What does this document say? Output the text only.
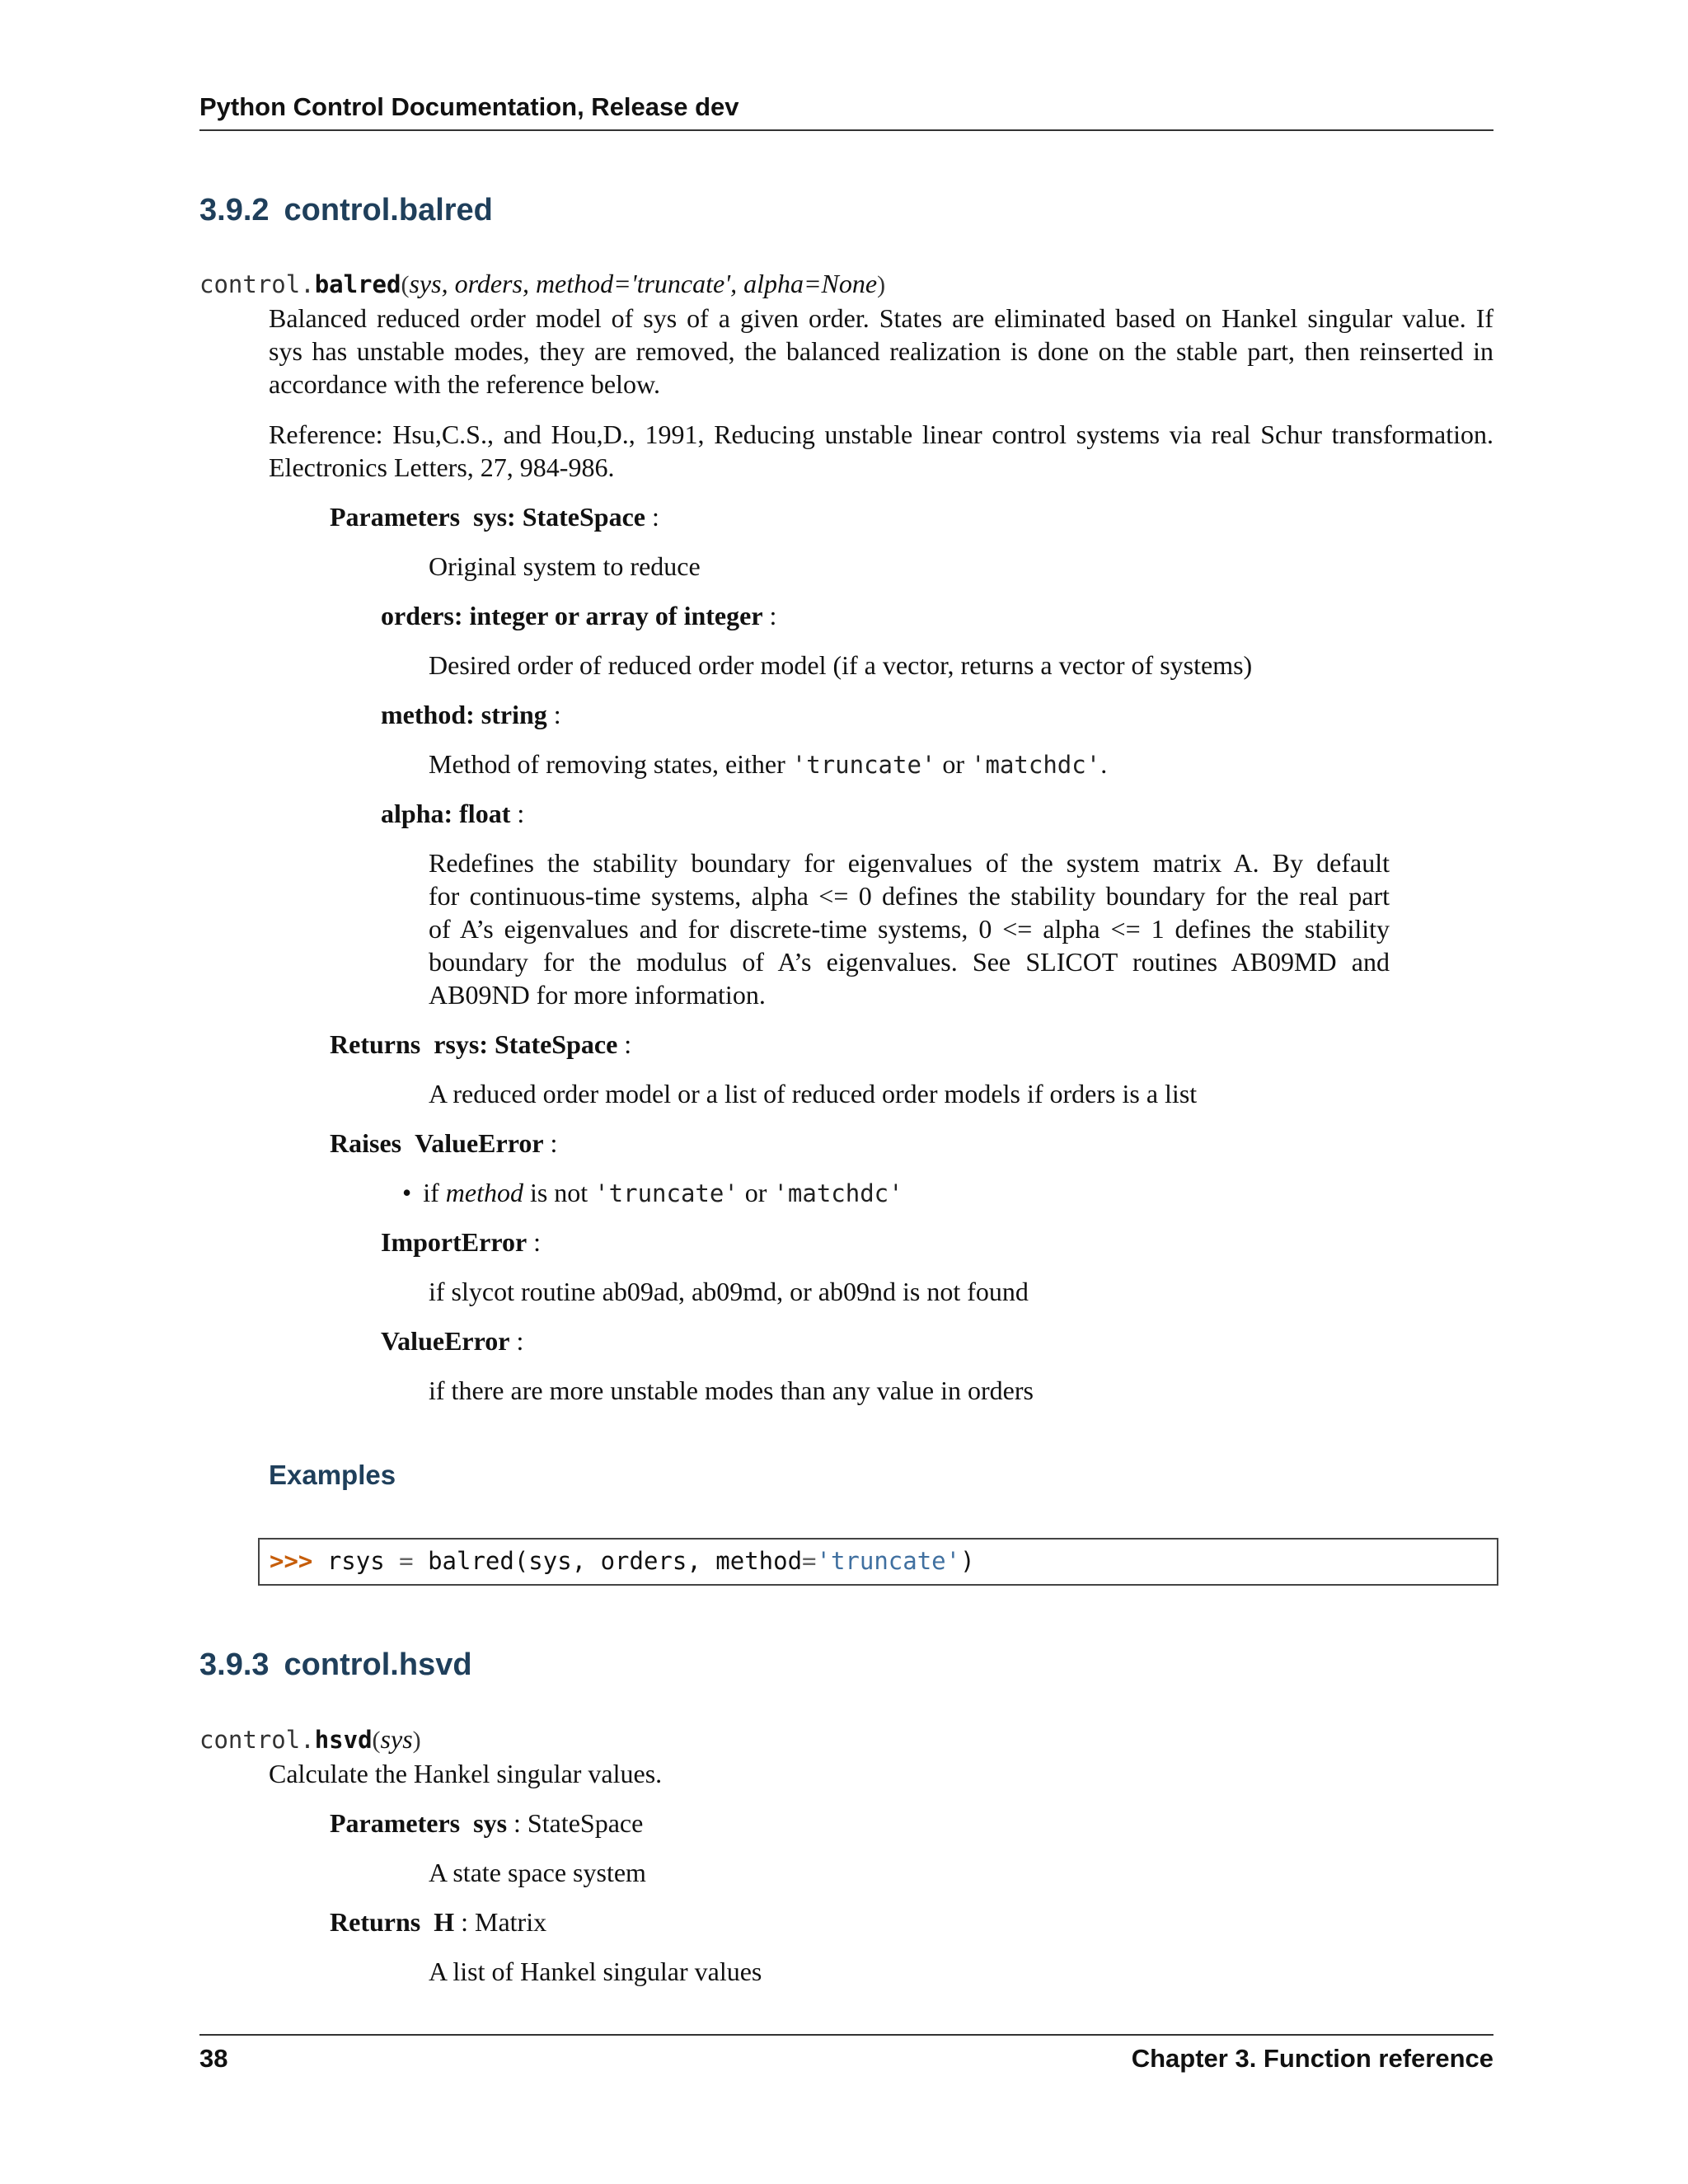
Python Control Documentation, Release dev
3.9.2 control.balred
control.balred(sys, orders, method='truncate', alpha=None)
Balanced reduced order model of sys of a given order. States are eliminated based on Hankel singular value. If
sys has unstable modes, they are removed, the balanced realization is done on the stable part, then reinserted in
accordance with the reference below.
Reference: Hsu,C.S., and Hou,D., 1991, Reducing unstable linear control systems via real Schur transformation.
Electronics Letters, 27, 984-986.
Parameters sys: StateSpace :
Original system to reduce
orders: integer or array of integer :
Desired order of reduced order model (if a vector, returns a vector of systems)
method: string :
Method of removing states, either 'truncate' or 'matchdc'.
alpha: float :
Redefines the stability boundary for eigenvalues of the system matrix A. By default
for continuous-time systems, alpha <= 0 defines the stability boundary for the real part
of A’s eigenvalues and for discrete-time systems, 0 <= alpha <= 1 defines the stability
boundary for the modulus of A’s eigenvalues. See SLICOT routines AB09MD and
AB09ND for more information.
Returns rsys: StateSpace :
A reduced order model or a list of reduced order models if orders is a list
Raises ValueError :
• if method is not 'truncate' or 'matchdc'
ImportError :
if slycot routine ab09ad, ab09md, or ab09nd is not found
ValueError :
if there are more unstable modes than any value in orders
Examples
>>> rsys = balred(sys, orders, method='truncate')
3.9.3 control.hsvd
control.hsvd(sys)
Calculate the Hankel singular values.
Parameters sys : StateSpace
A state space system
Returns H : Matrix
A list of Hankel singular values
38	Chapter 3. Function reference
